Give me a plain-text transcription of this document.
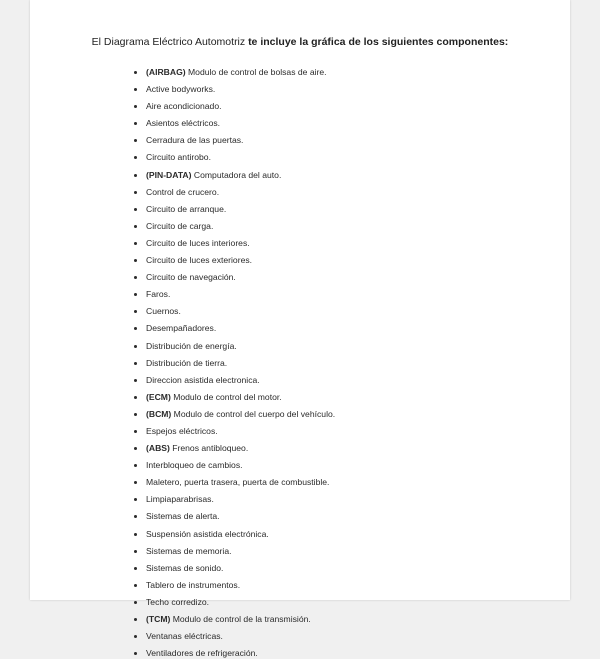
El Diagrama Eléctrico Automotriz te incluye la gráfica de los siguientes componentes:

(AIRBAG) Modulo de control de bolsas de aire.
Active bodyworks.
Aire acondicionado.
Asientos eléctricos.
Cerradura de las puertas.
Circuito antirobo.
(PIN-DATA) Computadora del auto.
Control de crucero.
Circuito de arranque.
Circuito de carga.
Circuito de luces interiores.
Circuito de luces exteriores.
Circuito de navegación.
Faros.
Cuernos.
Desempañadores.
Distribución de energía.
Distribución de tierra.
Direccion asistida electronica.
(ECM) Modulo de control del motor.
(BCM) Modulo de control del cuerpo del vehículo.
Espejos eléctricos.
(ABS) Frenos antibloqueo.
Interbloqueo de cambios.
Maletero, puerta trasera, puerta de combustible.
Limpiaparabrisas.
Sistemas de alerta.
Suspensión asistida electrónica.
Sistemas de memoria.
Sistemas de sonido.
Tablero de instrumentos.
Techo corredizo.
(TCM) Modulo de control de la transmisión.
Ventanas eléctricas.
Ventiladores de refrigeración.
